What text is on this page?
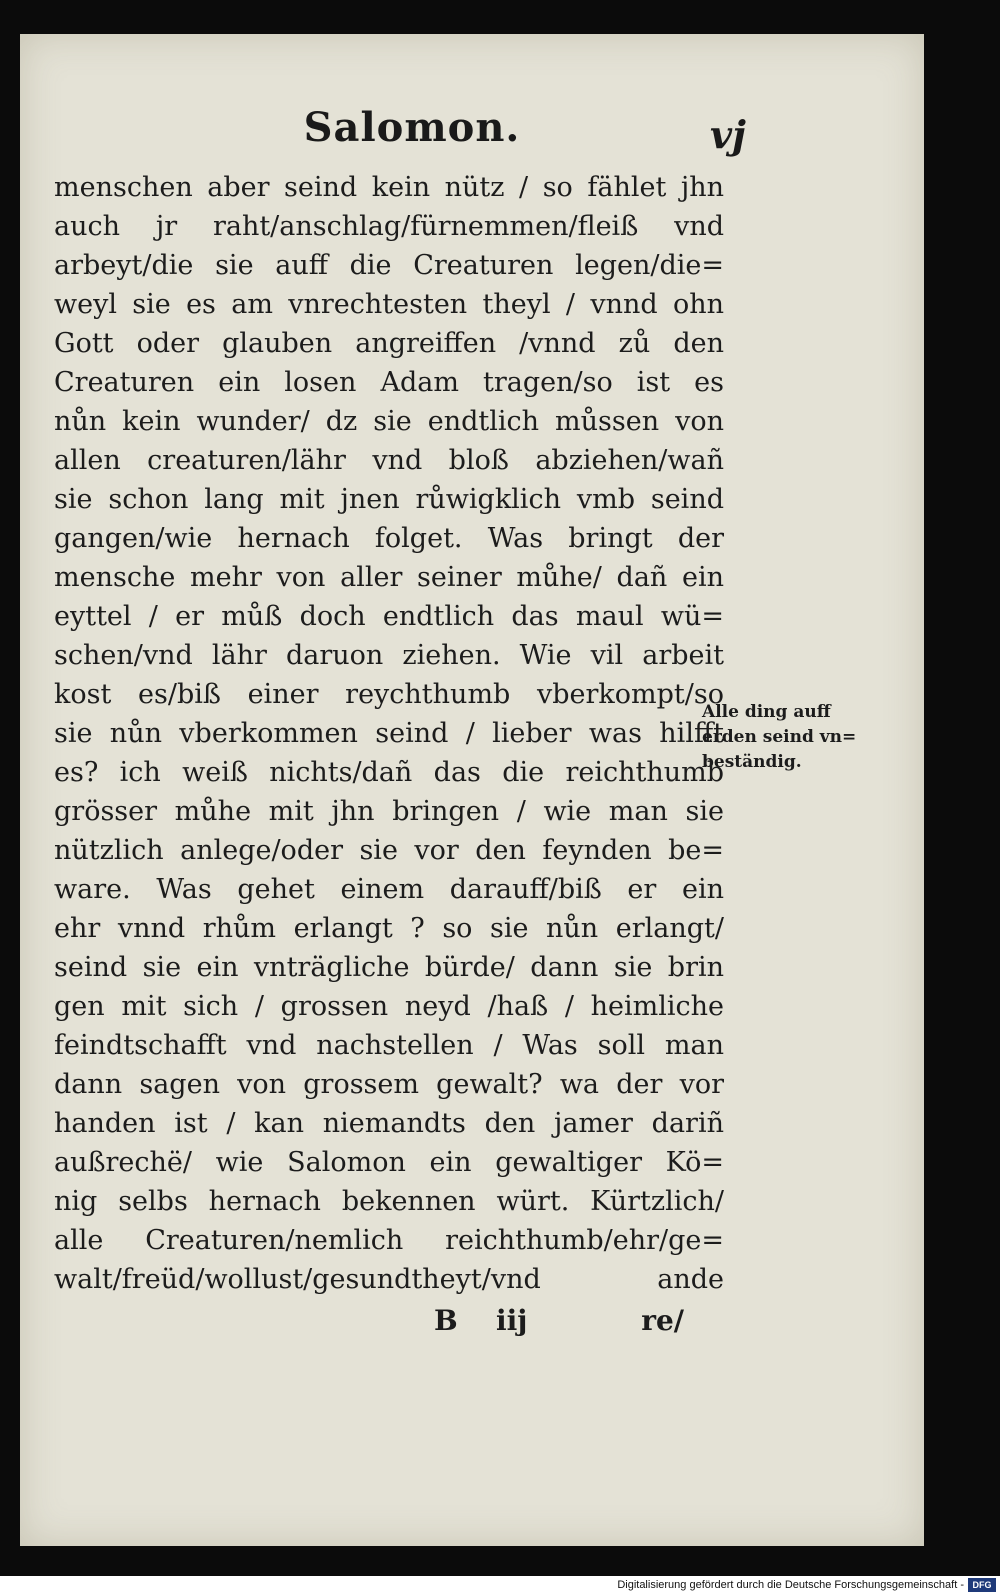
Salomon.	vj
menschen aber seind kein nütz / so fählet jhn
auch jr raht/anschlag/fürnemmen/fleiß vnd
arbeyt/die sie auff die Creaturen legen/die=
weyl sie es am vnrechtesten theyl / vnnd ohn
Gott oder glauben angreiffen /vnnd zů den
Creaturen ein losen Adam tragen/so ist es
nůn kein wunder/ dz sie endtlich můssen von
allen creaturen/lähr vnd bloß abziehen/wañ
sie schon lang mit jnen růwigklich vmb seind
gangen/wie hernach folget. Was bringt der
mensche mehr von aller seiner můhe/ dañ ein
eyttel / er můß doch endtlich das maul wü=
schen/vnd lähr daruon ziehen. Wie vil arbeit
kost es/biß einer reychthumb vberkompt/so
sie nůn vberkommen seind / lieber was hilfft
es? ich weiß nichts/dañ das die reichthumb
grösser můhe mit jhn bringen / wie man sie
nützlich anlege/oder sie vor den feynden be=
ware. Was gehet einem darauff/biß er ein
ehr vnnd rhům erlangt ? so sie nůn erlangt/
seind sie ein vnträgliche bürde/ dann sie brin
gen mit sich / grossen neyd /haß / heimliche
feindtschafft vnd nachstellen / Was soll man
dann sagen von grossem gewalt? wa der vor
handen ist / kan niemandts den jamer dariñ
außrechë/ wie Salomon ein gewaltiger Kö=
nig selbs hernach bekennen würt. Kürtzlich/
alle Creaturen/nemlich reichthumb/ehr/ge=
walt/freüd/wollust/gesundtheyt/vnd ande
Alle ding auff
erden seind vn=
beständig.
B iij	re/
Digitalisierung gefördert durch die Deutsche Forschungsgemeinschaft - DFG
